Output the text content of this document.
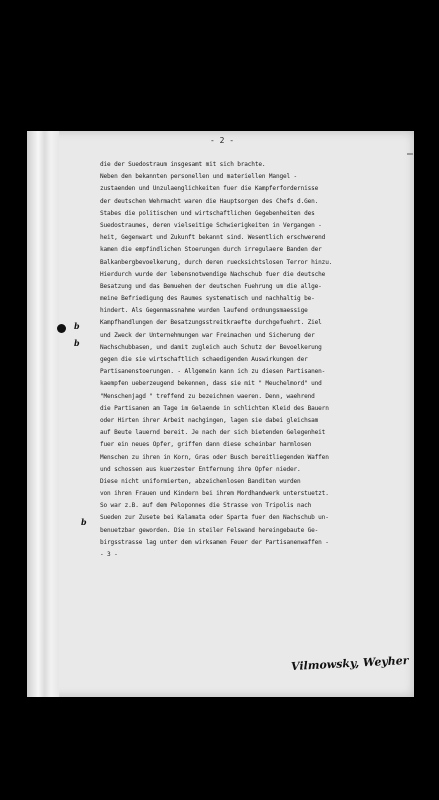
- 2 -
b
b
b
die der Suedostraum insgesamt mit sich brachte.
Neben den bekannten personellen und materiellen Mangel -
zustaenden und Unzulaenglichkeiten fuer die Kampferfordernisse
der deutschen Wehrmacht waren die Hauptsorgen des Chefs d.Gen.
Stabes die politischen und wirtschaftlichen Gegebenheiten des
Suedostraumes, deren vielseitige Schwierigkeiten in Vergangen -
heit, Gegenwart und Zukunft bekannt sind. Wesentlich erschwerend
kamen die empfindlichen Stoerungen durch irregulaere Banden der
Balkanbergbevoelkerung, durch deren ruecksichtslosen Terror hinzu.
Hierdurch wurde der lebensnotwendige Nachschub fuer die deutsche
Besatzung und das Bemuehen der deutschen Fuehrung um die allge-
meine Befriedigung des Raumes systematisch und nachhaltig be-
hindert. Als Gegenmassnahme wurden laufend ordnungsmaessige
Kampfhandlungen der Besatzungsstreitkraefte durchgefuehrt. Ziel
und Zweck der Unternehmungen war Freimachen und Sicherung der
Nachschubbasen, und damit zugleich auch Schutz der Bevoelkerung
gegen die sie wirtschaftlich schaedigenden Auswirkungen der
Partisanenstoerungen. - Allgemein kann ich zu diesen Partisanen-
kaempfen ueberzeugend bekennen, dass sie mit " Meuchelmord" und
"Menschenjagd " treffend zu bezeichnen waeren. Denn, waehrend
die Partisanen am Tage im Gelaende in schlichten Kleid des Bauern
oder Hirten ihrer Arbeit nachgingen, lagen sie dabei gleichsam
auf Beute lauernd bereit. Je nach der sich bietenden Gelegenheit
fuer ein neues Opfer, griffen dann diese scheinbar harmlosen
Menschen zu ihren in Korn, Gras oder Busch bereitliegenden Waffen
und schossen aus kuerzester Entfernung ihre Opfer nieder.
Diese nicht uniformierten, abzeichenlosen Banditen wurden
von ihren Frauen und Kindern bei ihrem Mordhandwerk unterstuetzt.
So war z.B. auf dem Peloponnes die Strasse von Tripolis nach
Sueden zur Zusete bei Kalamata oder Sparta fuer den Nachschub un-
benuetzbar geworden. Die in steiler Felswand hereingebaute Ge-
birgsstrasse lag unter dem wirksamen Feuer der Partisanenwaffen -
- 3 -
Vilmowsky, Weyher
